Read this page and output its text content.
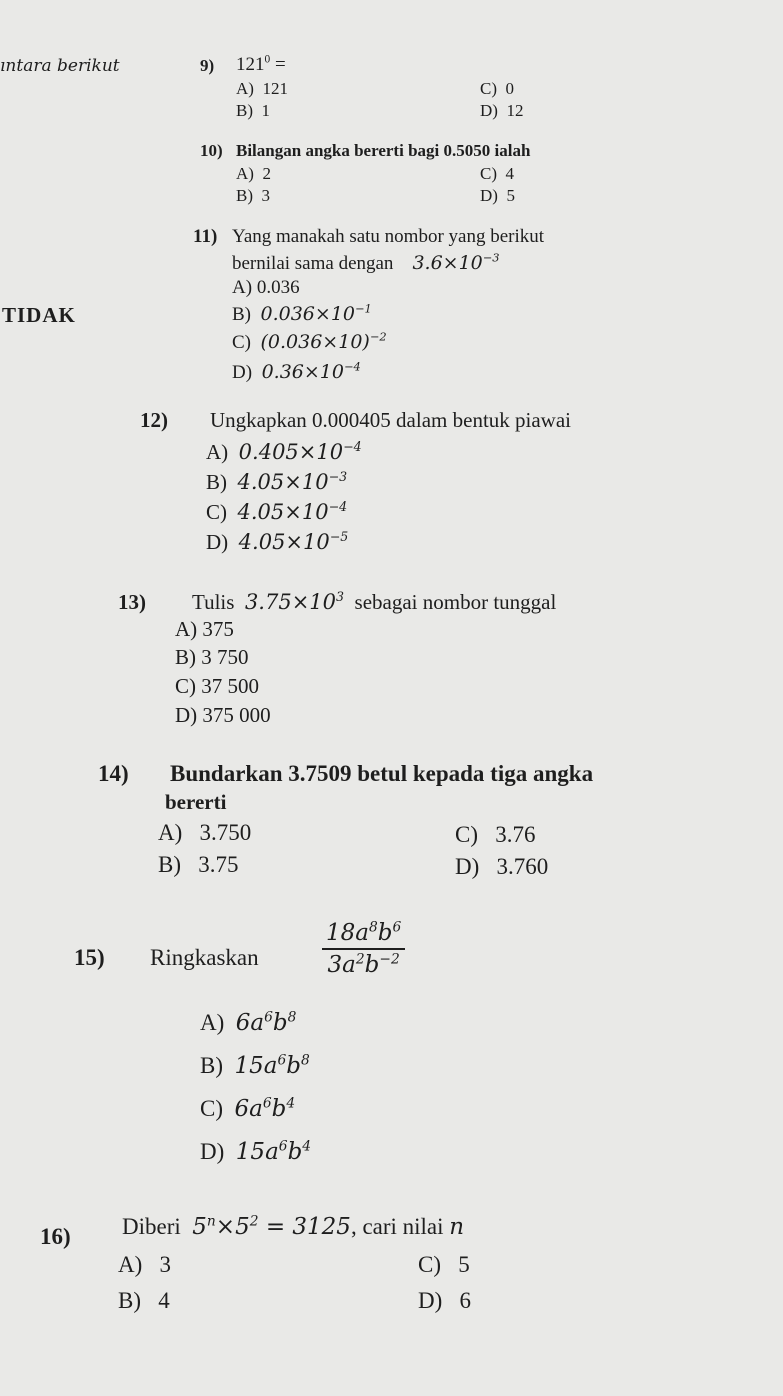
ıntara berikut
TIDAK
9) $121^0$ =
A) 121	C) 0
B) 1	D) 12
10) Bilangan angka bererti bagi 0.5050 ialah
A) 2	C) 4
B) 3	D) 5
11) Yang manakah satu nombor yang berikut
bernilai sama dengan $3.6\times 10^{-3}$
A) 0.036
B) $0.036\times 10^{-1}$
C) $(0.036\times 10)^{-2}$
D) $0.36\times 10^{-4}$
12) Ungkapkan 0.000405 dalam bentuk piawai
A) $0.405\times 10^{-4}$
B) $4.05\times 10^{-3}$
C) $4.05\times 10^{-4}$
D) $4.05\times 10^{-5}$
13) Tulis $3.75\times 10^3$ sebagai nombor tunggal
A) 375
B) 3 750
C) 37 500
D) 375 000
14) Bundarkan 3.7509 betul kepada tiga angka
bererti
A) 3.750	C) 3.76
B) 3.75	D) 3.760
15) Ringkaskan	$\frac{18a^8b^6}{3a^2b^{-2}}$
A) $6a^6b^8$
B) $15a^6b^8$
C) $6a^6b^4$
D) $15a^6b^4$
16) Diberi $5^n\times 5^2 = 3125$, cari nilai n
A) 3	C) 5
B) 4	D) 6
